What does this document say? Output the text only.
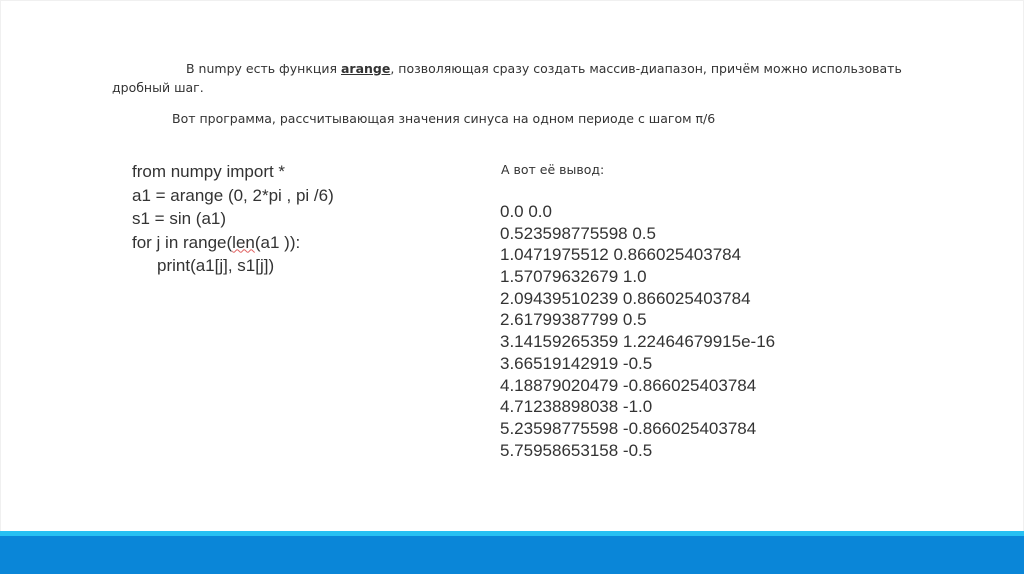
В numpy есть функция arange, позволяющая сразу создать массив-диапазон, причём можно использовать
дробный шаг.
Вот программа, рассчитывающая значения синуса на одном периоде с шагом π/6
from numpy import *
a1 = arange (0, 2*pi , pi /6)
s1 = sin (a1)
for j in range(len(a1 )):
print(a1[j], s1[j])
А вот её вывод:
0.0 0.0
0.523598775598 0.5
1.0471975512 0.866025403784
1.57079632679 1.0
2.09439510239 0.866025403784
2.61799387799 0.5
3.14159265359 1.22464679915e-16
3.66519142919 -0.5
4.18879020479 -0.866025403784
4.71238898038 -1.0
5.23598775598 -0.866025403784
5.75958653158 -0.5
